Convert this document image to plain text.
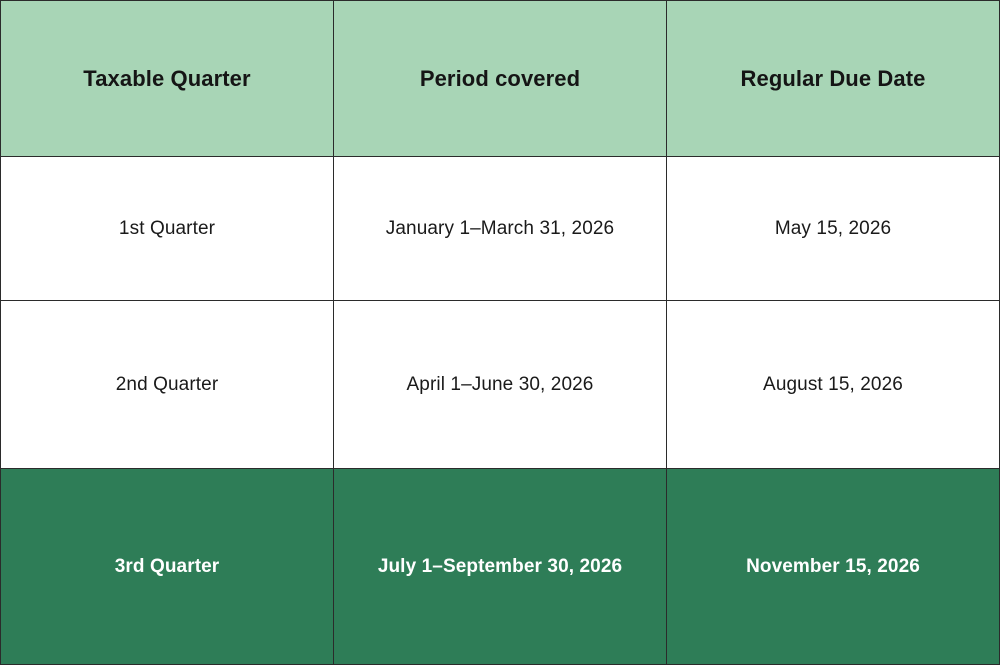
Taxable Quarter	Period covered	Regular Due Date
1st Quarter	January 1–March 31, 2026	May 15, 2026
2nd Quarter	April 1–June 30, 2026	August 15, 2026
3rd Quarter	July 1–September 30, 2026	November 15, 2026
